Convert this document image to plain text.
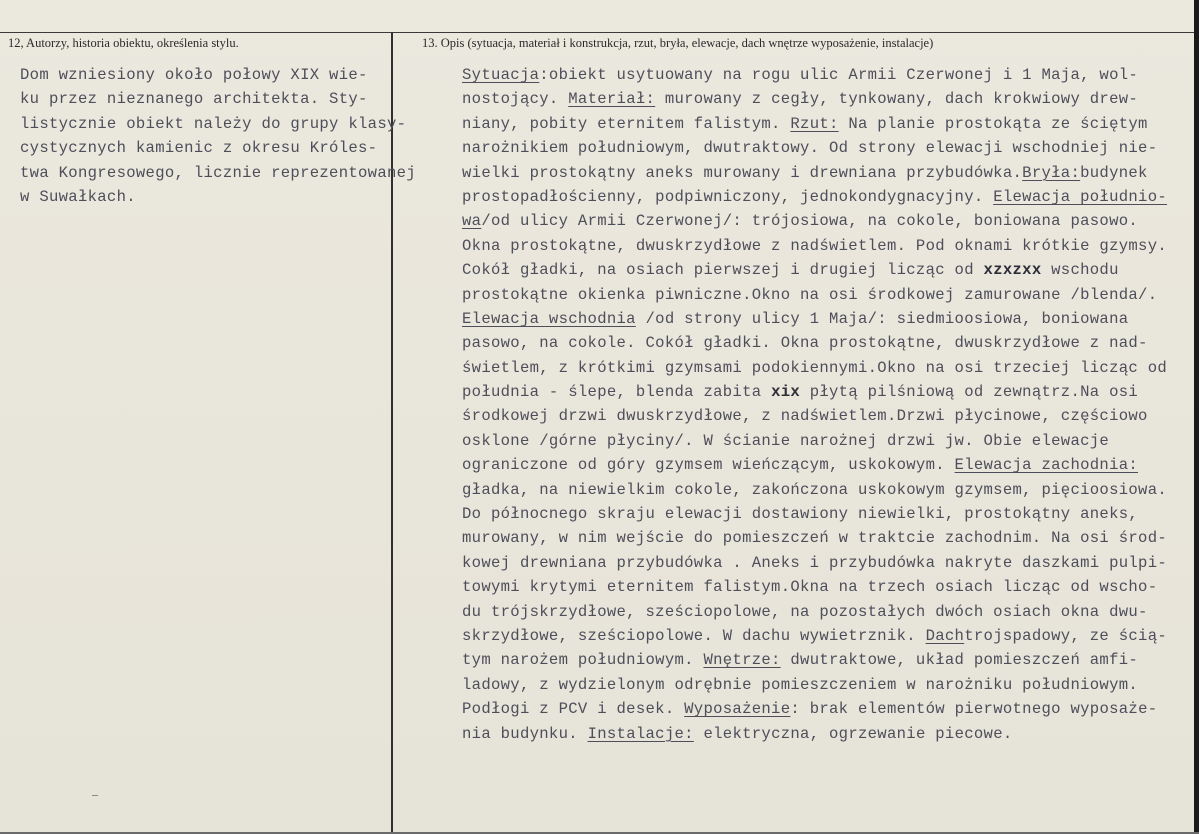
12, Autorzy, historia obiektu, określenia stylu.	13. Opis (sytuacja, materiał i konstrukcja, rzut, bryła, elewacje, dach wnętrze wyposażenie, instalacje)
Dom wzniesiony około połowy XIX wie-
ku przez nieznanego architekta. Sty-
listycznie obiekt należy do grupy klasy-
cystycznych kamienic z okresu Króles-
twa Kongresowego, licznie reprezentowanej
w Suwałkach.
Sytuacja:obiekt usytuowany na rogu ulic Armii Czerwonej i 1 Maja, wol-
nostojący. Materiał: murowany z cegły, tynkowany, dach krokwiowy drew-
niany, pobity eternitem falistym. Rzut: Na planie prostokąta ze ściętym
narożnikiem południowym, dwutraktowy. Od strony elewacji wschodniej nie-
wielki prostokątny aneks murowany i drewniana przybudówka.Bryła:budynek
prostopadłościenny, podpiwniczony, jednokondygnacyjny. Elewacja południo-
wa/od ulicy Armii Czerwonej/: trójosiowa, na cokole, boniowana pasowo.
Okna prostokątne, dwuskrzydłowe z nadświetlem. Pod oknami krótkie gzymsy.
Cokół gładki, na osiach pierwszej i drugiej licząc od xzxzxx wschodu
prostokątne okienka piwniczne.Okno na osi środkowej zamurowane /blenda/.
Elewacja wschodnia /od strony ulicy 1 Maja/: siedmioosiowa, boniowana
pasowo, na cokole. Cokół gładki. Okna prostokątne, dwuskrzydłowe z nad-
świetlem, z krótkimi gzymsami podokiennymi.Okno na osi trzeciej licząc od
południa - ślepe, blenda zabita xix płytą pilśniową od zewnątrz.Na osi
środkowej drzwi dwuskrzydłowe, z nadświetlem.Drzwi płycinowe, częściowo
osklone /górne płyciny/. W ścianie narożnej drzwi jw. Obie elewacje
ograniczone od góry gzymsem wieńczącym, uskokowym. Elewacja zachodnia:
gładka, na niewielkim cokole, zakończona uskokowym gzymsem, pięcioosiowa.
Do północnego skraju elewacji dostawiony niewielki, prostokątny aneks,
murowany, w nim wejście do pomieszczeń w traktcie zachodnim. Na osi środ-
kowej drewniana przybudówka . Aneks i przybudówka nakryte daszkami pulpi-
towymi krytymi eternitem falistym.Okna na trzech osiach licząc od wscho-
du trójskrzydłowe, sześciopolowe, na pozostałych dwóch osiach okna dwu-
skrzydłowe, sześciopolowe. W dachu wywietrznik. Dachtrojspadowy, ze ścią-
tym narożem południowym. Wnętrze: dwutraktowe, układ pomieszczeń amfi-
ladowy, z wydzielonym odrębnie pomieszczeniem w narożniku południowym.
Podłogi z PCV i desek. Wyposażenie: brak elementów pierwotnego wyposaże-
nia budynku. Instalacje: elektryczna, ogrzewanie piecowe.
